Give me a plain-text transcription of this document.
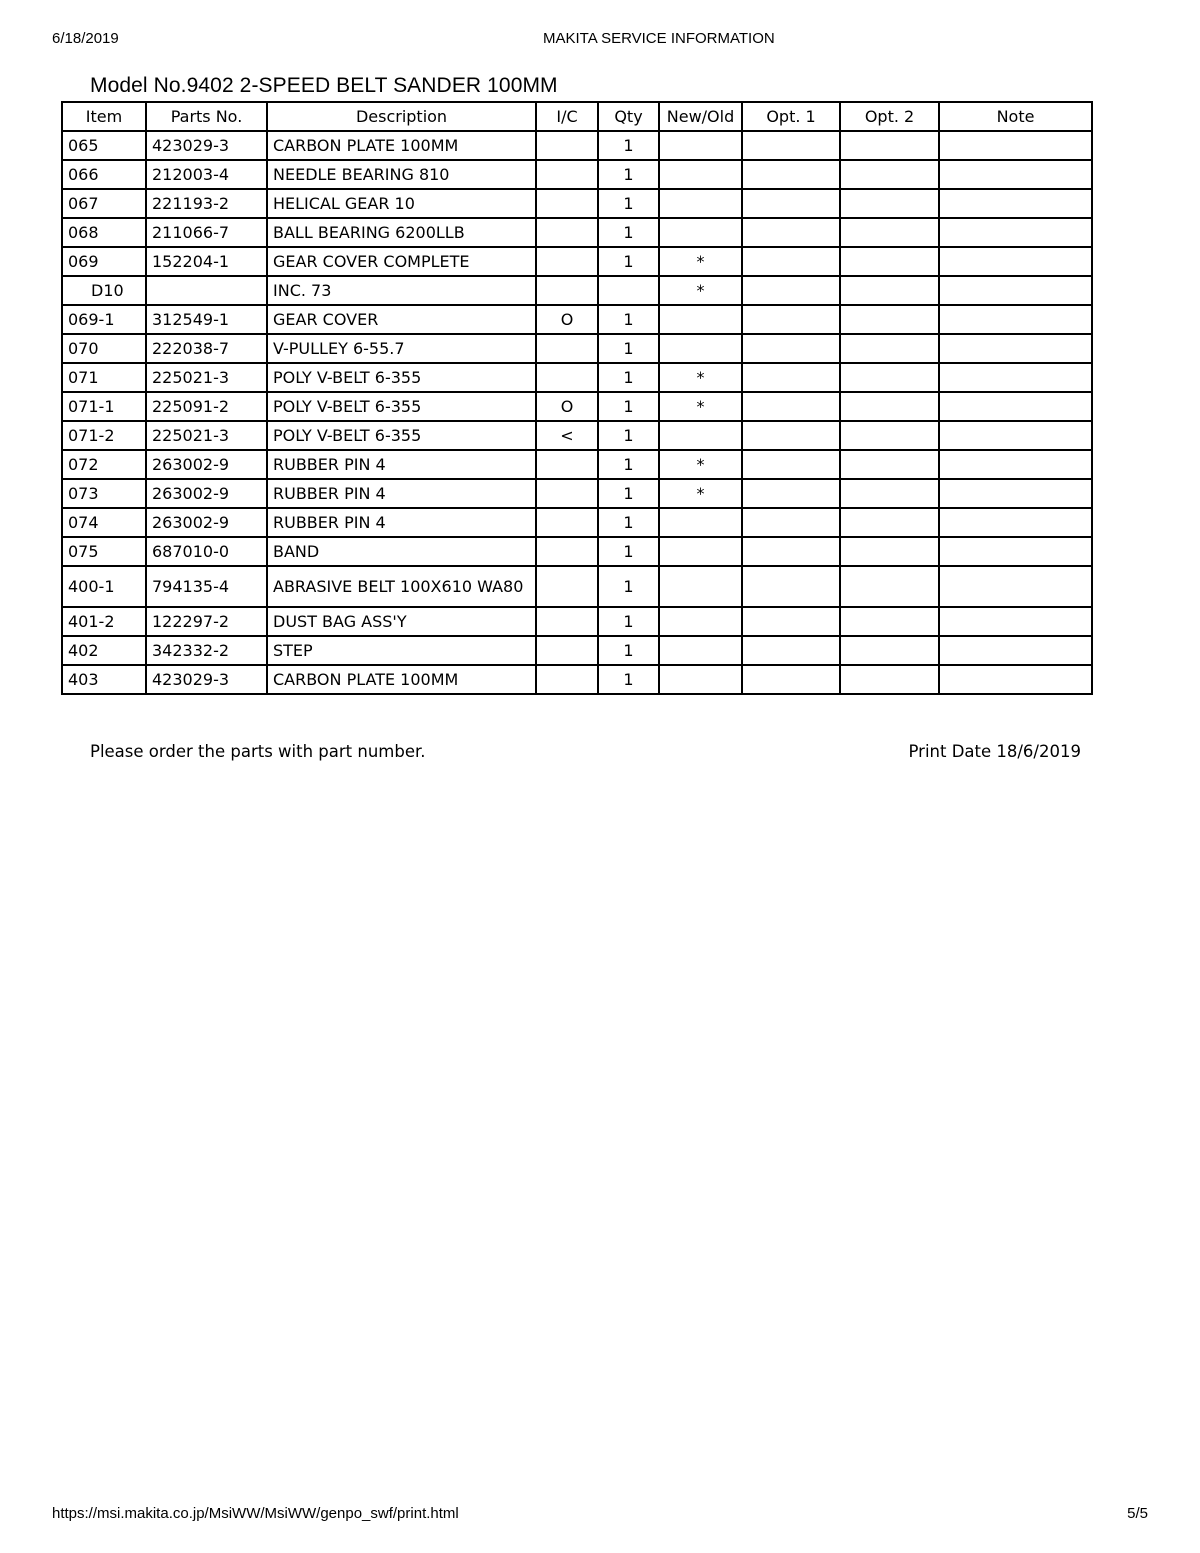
6/18/2019	MAKITA SERVICE INFORMATION
Model No.9402 2-SPEED BELT SANDER 100MM
Item	Parts No.	Description	I/C	Qty	New/Old	Opt. 1	Opt. 2	Note
065	423029-3	CARBON PLATE 100MM		1				
066	212003-4	NEEDLE BEARING 810		1				
067	221193-2	HELICAL GEAR 10		1				
068	211066-7	BALL BEARING 6200LLB		1				
069	152204-1	GEAR COVER COMPLETE		1	*			
D10		INC. 73			*			
069-1	312549-1	GEAR COVER	O	1				
070	222038-7	V-PULLEY 6-55.7		1				
071	225021-3	POLY V-BELT 6-355		1	*			
071-1	225091-2	POLY V-BELT 6-355	O	1	*			
071-2	225021-3	POLY V-BELT 6-355	<	1				
072	263002-9	RUBBER PIN 4		1	*			
073	263002-9	RUBBER PIN 4		1	*			
074	263002-9	RUBBER PIN 4		1				
075	687010-0	BAND		1				
400-1	794135-4	ABRASIVE BELT 100X610 WA80		1				
401-2	122297-2	DUST BAG ASS'Y		1				
402	342332-2	STEP		1				
403	423029-3	CARBON PLATE 100MM		1				
Please order the parts with part number.	Print Date 18/6/2019
https://msi.makita.co.jp/MsiWW/MsiWW/genpo_swf/print.html	5/5
